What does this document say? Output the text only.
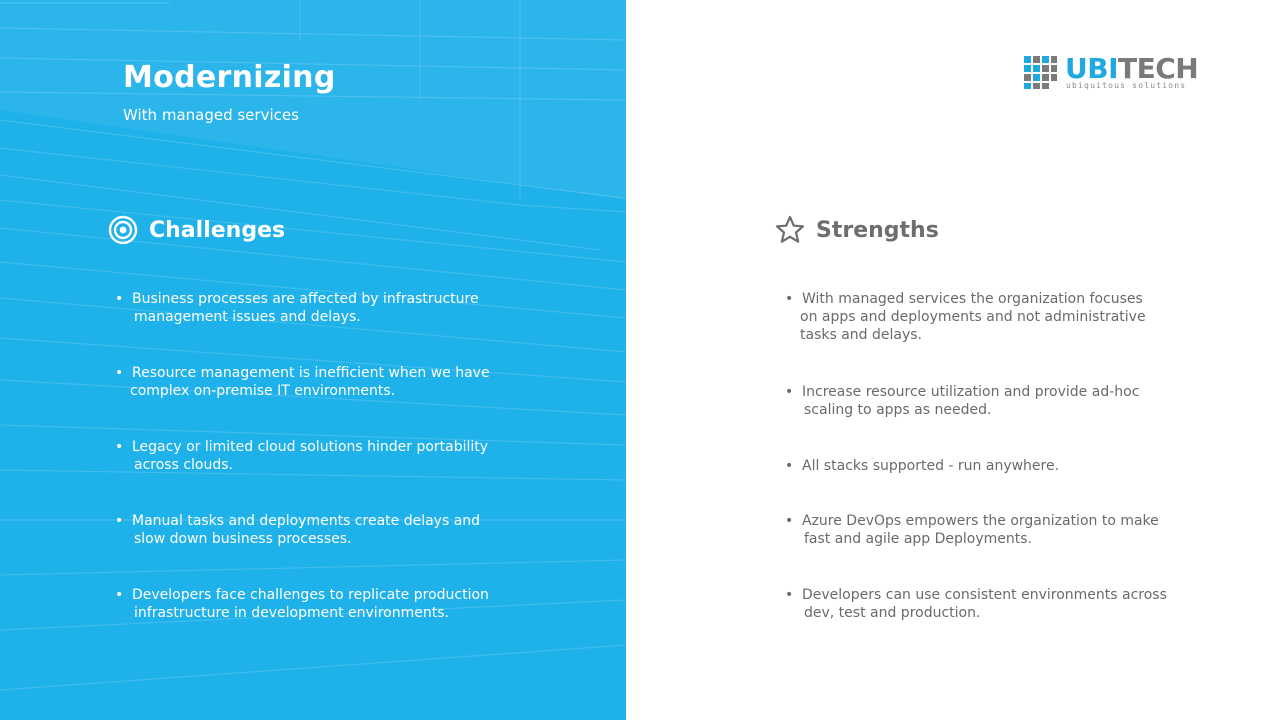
Modernizing
With managed services
Challenges
• Business processes are affected by infrastructure
management issues and delays.
• Resource management is inefficient when we have
complex on-premise IT environments.
• Legacy or limited cloud solutions hinder portability
across clouds.
• Manual tasks and deployments create delays and
slow down business processes.
• Developers face challenges to replicate production
infrastructure in development environments.
UBITECH
ubiquitous solutions
Strengths
• With managed services the organization focuses
on apps and deployments and not administrative
tasks and delays.
• Increase resource utilization and provide ad-hoc
scaling to apps as needed.
• All stacks supported - run anywhere.
• Azure DevOps empowers the organization to make
fast and agile app Deployments.
• Developers can use consistent environments across
dev, test and production.
